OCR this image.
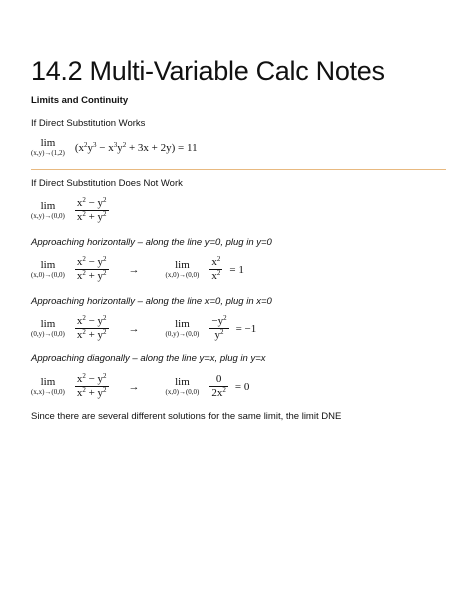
14.2 Multi-Variable Calc Notes
Limits and Continuity
If Direct Substitution Works
lim
(x,y)→(1,2) $(x^2y^3 - x^3y^2 + 3x + 2y) = 11$
If Direct Substitution Does Not Work
lim
(x,y)→(0,0)
$\frac{x^2 - y^2}{x^2 + y^2}$
Approaching horizontally – along the line y=0, plug in y=0
lim
(x,0)→(0,0)
$\frac{x^2 - y^2}{x^2 + y^2}$ →	lim
(x,0)→(0,0)
$\frac{x^2}{x^2} = 1$
Approaching horizontally – along the line x=0, plug in x=0
lim
(0,y)→(0,0)
$\frac{x^2 - y^2}{x^2 + y^2}$ →	lim
(0,y)→(0,0)
$\frac{-y^2}{y^2} = -1$
Approaching diagonally – along the line y=x, plug in y=x
lim
(x,x)→(0,0)
$\frac{x^2 - y^2}{x^2 + y^2}$ →	lim
(x,0)→(0,0)
$\frac{0}{2x^2} = 0$
Since there are several different solutions for the same limit, the limit DNE
